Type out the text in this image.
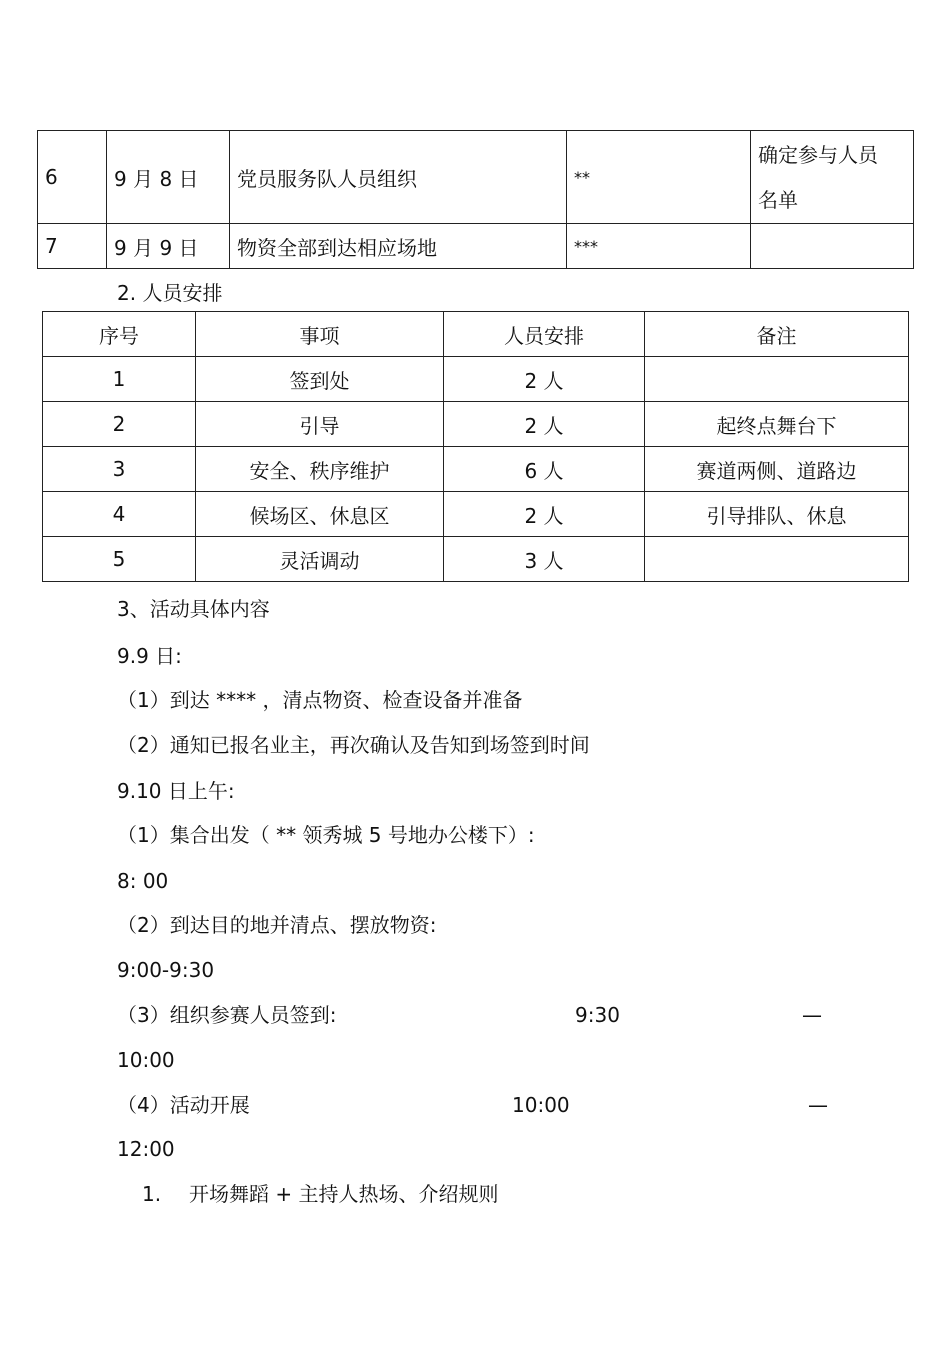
6	9 月 8 日	党员服务队人员组织	**	确定参与人员
名单
7	9 月 9 日	物资全部到达相应场地	***	
2. 人员安排
序号	事项	人员安排	备注
1	签到处	2 人	
2	引导	2 人	起终点舞台下
3	安全、秩序维护	6 人	赛道两侧、道路边
4	候场区、休息区	2 人	引导排队、休息
5	灵活调动	3 人	
3、活动具体内容
9.9 日:
（1）到达 **** ，清点物资、检查设备并准备
（2）通知已报名业主，再次确认及告知到场签到时间
9.10 日上午:
（1）集合出发（ ** 领秀城 5 号地办公楼下）:
8: 00
（2）到达目的地并清点、摆放物资:
9:00-9:30
（3）组织参赛人员签到:	9:30	—
10:00
（4）活动开展	10:00	—
12:00
1. 开场舞蹈 + 主持人热场、介绍规则
